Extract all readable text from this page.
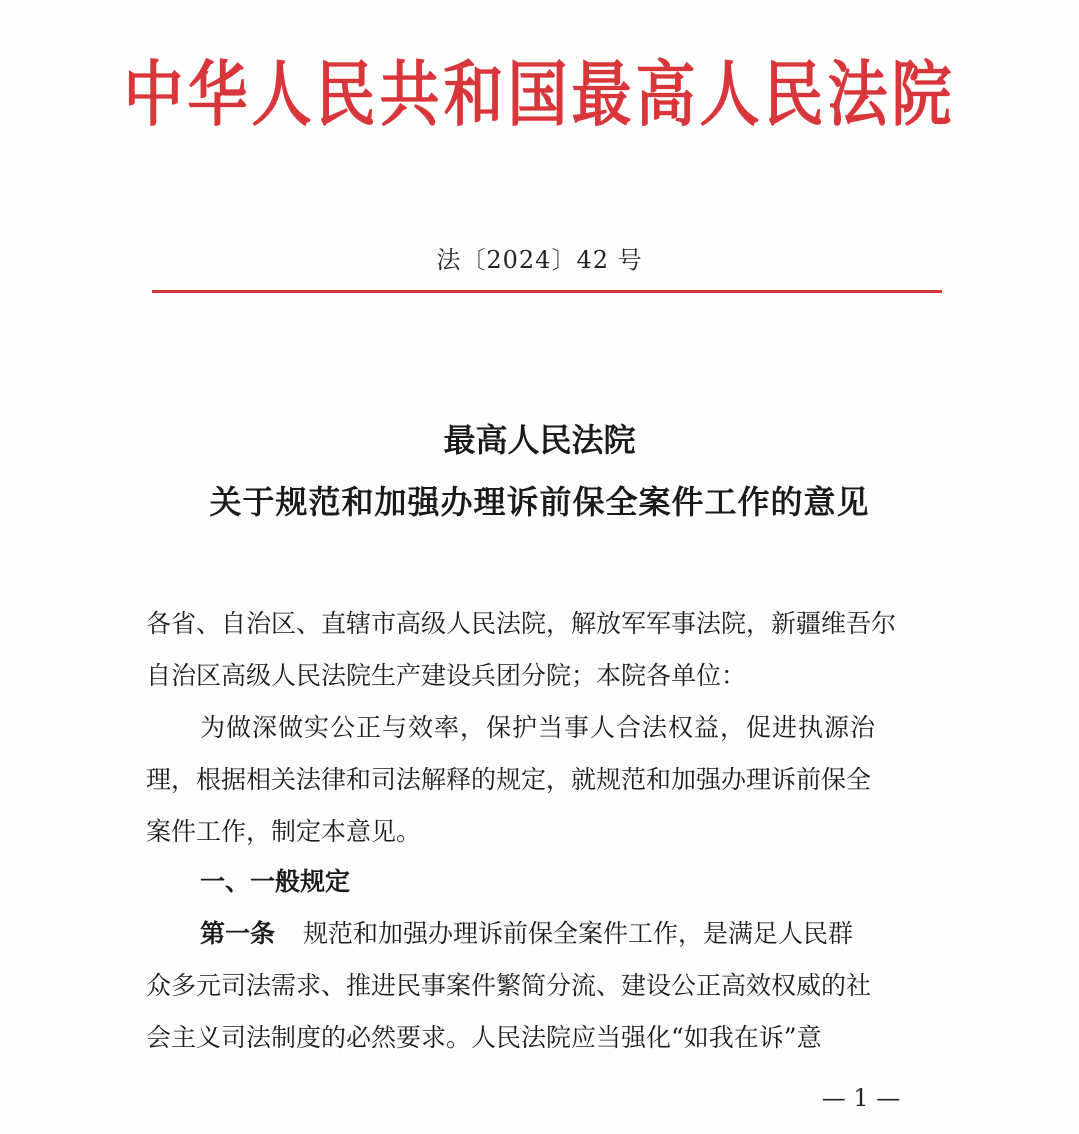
中华人民共和国最高人民法院
法〔2024〕42 号
最高人民法院
关于规范和加强办理诉前保全案件工作的意见
各省、自治区、直辖市高级人民法院，解放军军事法院，新疆维吾尔
自治区高级人民法院生产建设兵团分院；本院各单位：
为做深做实公正与效率，保护当事人合法权益，促进执源治
理，根据相关法律和司法解释的规定，就规范和加强办理诉前保全
案件工作，制定本意见。
一、一般规定
第一条 规范和加强办理诉前保全案件工作，是满足人民群
众多元司法需求、推进民事案件繁简分流、建设公正高效权威的社
会主义司法制度的必然要求。人民法院应当强化“如我在诉”意
— 1 —
